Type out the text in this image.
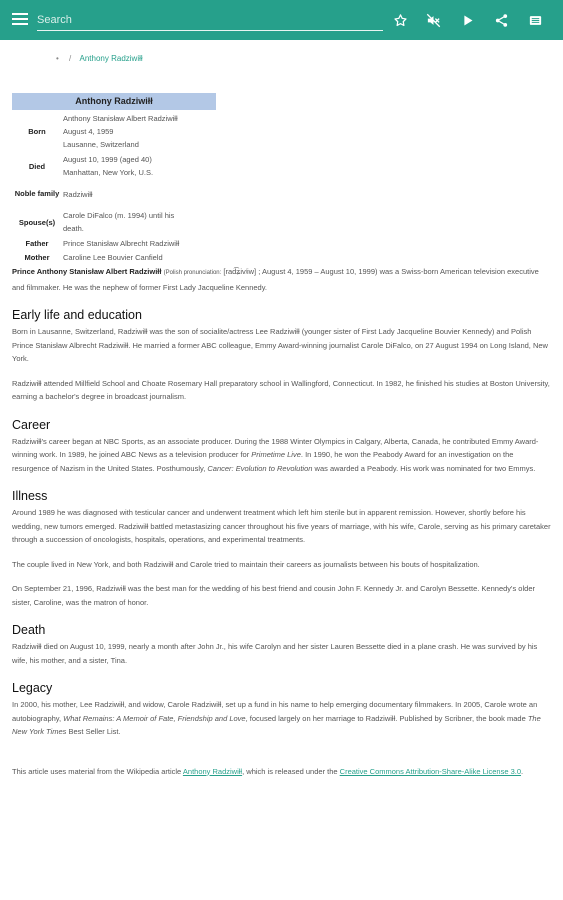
Search
• / Anthony Radziwiłł
Anthony Radziwiłł
Born
Anthony Stanisław Albert Radziwiłł
August 4, 1959
Lausanne, Switzerland
Died
August 10, 1999 (aged 40)
Manhattan, New York, U.S.
Noble family Radziwiłł
Spouse(s)
Carole DiFalco (m. 1994) until his
death.
Father	Prince Stanisław Albrecht Radziwiłł
Mother	Caroline Lee Bouvier Canfield

Prince Anthony Stanisław Albert Radziwiłł (Polish pronunciation: [rad͡ʑivʲiw] ; August 4, 1959 – August 10, 1999) was a Swiss-born American television executive and filmmaker. He was the nephew of former First Lady Jacqueline Kennedy.

Early life and education

Born in Lausanne, Switzerland, Radziwiłł was the son of socialite/actress Lee Radziwiłł (younger sister of First Lady Jacqueline Bouvier Kennedy) and Polish Prince Stanisław Albrecht Radziwiłł. He married a former ABC colleague, Emmy Award-winning journalist Carole DiFalco, on 27 August 1994 on Long Island, New York.

Radziwiłł attended Millfield School and Choate Rosemary Hall preparatory school in Wallingford, Connecticut. In 1982, he finished his studies at Boston University, earning a bachelor's degree in broadcast journalism.

Career

Radziwiłł's career began at NBC Sports, as an associate producer. During the 1988 Winter Olympics in Calgary, Alberta, Canada, he contributed Emmy Award-winning work. In 1989, he joined ABC News as a television producer for Primetime Live. In 1990, he won the Peabody Award for an investigation on the resurgence of Nazism in the United States. Posthumously, Cancer: Evolution to Revolution was awarded a Peabody. His work was nominated for two Emmys.

Illness

Around 1989 he was diagnosed with testicular cancer and underwent treatment which left him sterile but in apparent remission. However, shortly before his wedding, new tumors emerged. Radziwiłł battled metastasizing cancer throughout his five years of marriage, with his wife, Carole, serving as his primary caretaker through a succession of oncologists, hospitals, operations, and experimental treatments.

The couple lived in New York, and both Radziwiłł and Carole tried to maintain their careers as journalists between his bouts of hospitalization.

On September 21, 1996, Radziwiłł was the best man for the wedding of his best friend and cousin John F. Kennedy Jr. and Carolyn Bessette. Kennedy's older sister, Caroline, was the matron of honor.

Death

Radziwiłł died on August 10, 1999, nearly a month after John Jr., his wife Carolyn and her sister Lauren Bessette died in a plane crash. He was survived by his wife, his mother, and a sister, Tina.

Legacy

In 2000, his mother, Lee Radziwiłł, and widow, Carole Radziwiłł, set up a fund in his name to help emerging documentary filmmakers. In 2005, Carole wrote an autobiography, What Remains: A Memoir of Fate, Friendship and Love, focused largely on her marriage to Radziwiłł. Published by Scribner, the book made The New York Times Best Seller List.

This article uses material from the Wikipedia article Anthony Radziwiłł, which is released under the Creative Commons Attribution-Share-Alike License 3.0.
